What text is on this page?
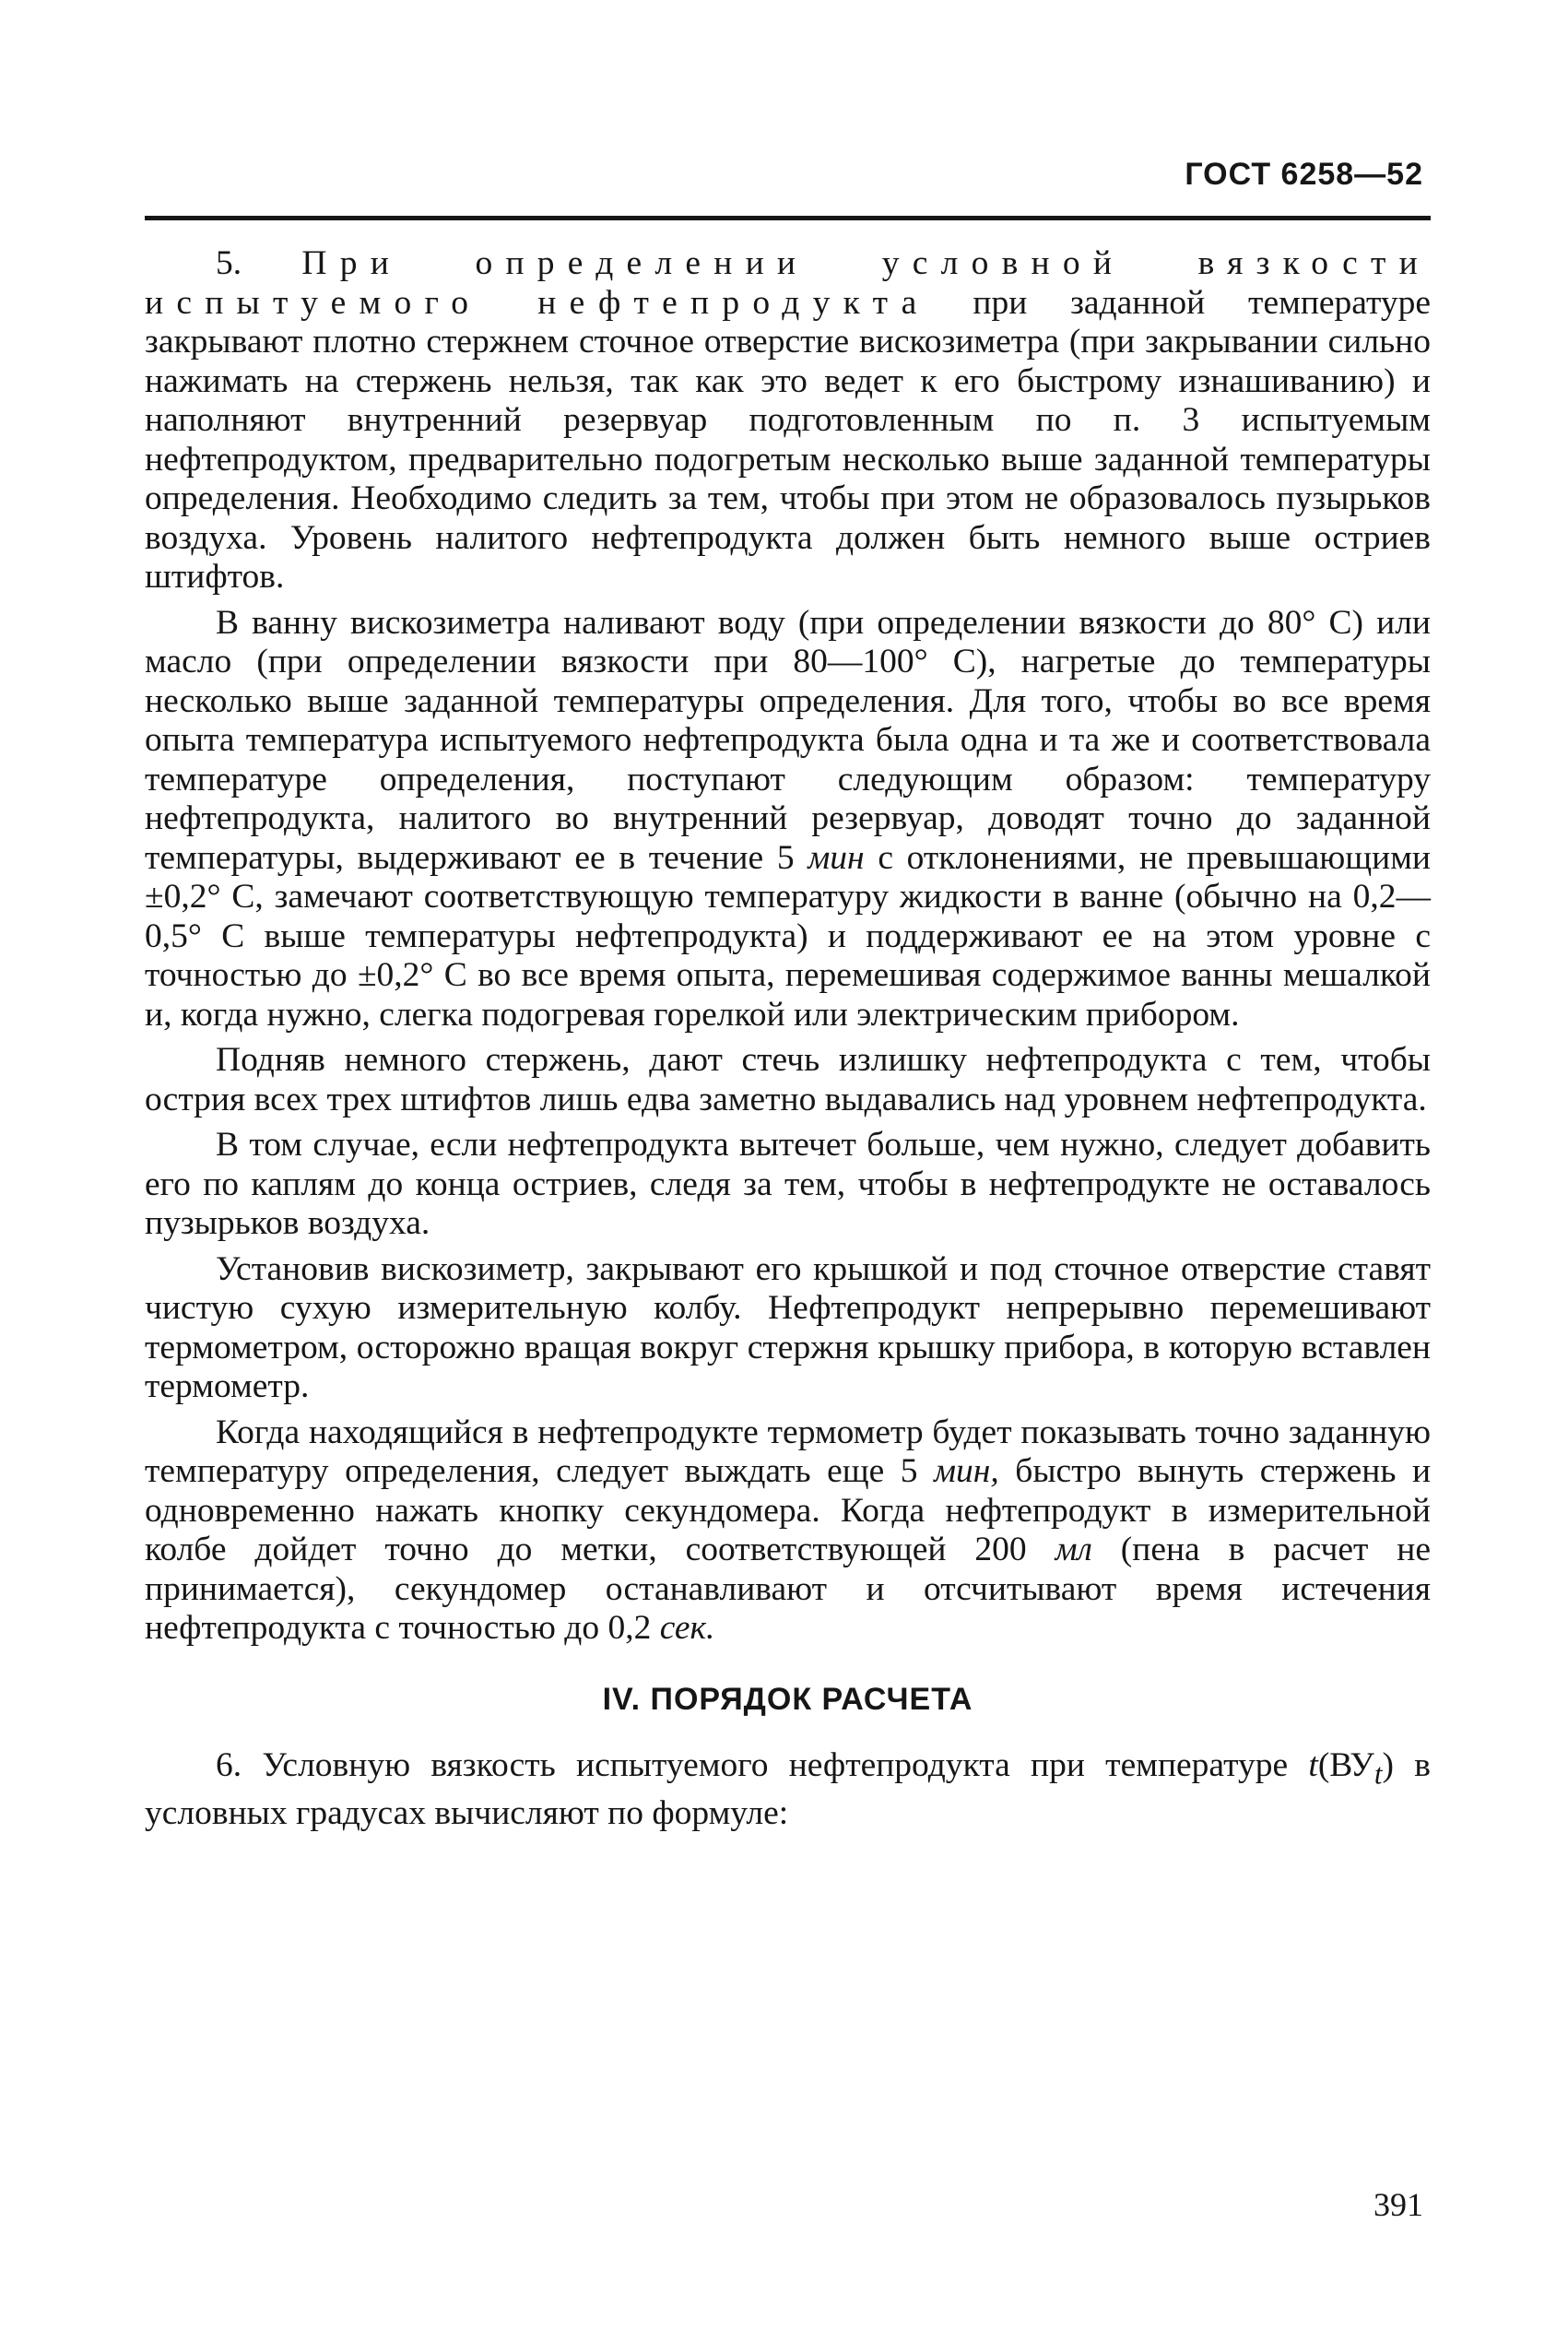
ГОСТ 6258—52

5. При определении условной вязкости испытуемого нефтепродукта при заданной температуре закрывают плотно стержнем сточное отверстие вискозиметра (при закрывании сильно нажимать на стержень нельзя, так как это ведет к его быстрому изнашиванию) и наполняют внутренний резервуар подготовленным по п. 3 испытуемым нефтепродуктом, предварительно подогретым несколько выше заданной температуры определения. Необходимо следить за тем, чтобы при этом не образовалось пузырьков воздуха. Уровень налитого нефтепродукта должен быть немного выше остриев штифтов.

В ванну вискозиметра наливают воду (при определении вязкости до 80° С) или масло (при определении вязкости при 80—100° С), нагретые до температуры несколько выше заданной температуры определения. Для того, чтобы во все время опыта температура испытуемого нефтепродукта была одна и та же и соответствовала температуре определения, поступают следующим образом: температуру нефтепродукта, налитого во внутренний резервуар, доводят точно до заданной температуры, выдерживают ее в течение 5 мин с отклонениями, не превышающими ±0,2° С, замечают соответствующую температуру жидкости в ванне (обычно на 0,2—0,5° С выше температуры нефтепродукта) и поддерживают ее на этом уровне с точностью до ±0,2° С во все время опыта, перемешивая содержимое ванны мешалкой и, когда нужно, слегка подогревая горелкой или электрическим прибором.

Подняв немного стержень, дают стечь излишку нефтепродукта с тем, чтобы острия всех трех штифтов лишь едва заметно выдавались над уровнем нефтепродукта.

В том случае, если нефтепродукта вытечет больше, чем нужно, следует добавить его по каплям до конца остриев, следя за тем, чтобы в нефтепродукте не оставалось пузырьков воздуха.

Установив вискозиметр, закрывают его крышкой и под сточное отверстие ставят чистую сухую измерительную колбу. Нефтепродукт непрерывно перемешивают термометром, осторожно вращая вокруг стержня крышку прибора, в которую вставлен термометр.

Когда находящийся в нефтепродукте термометр будет показывать точно заданную температуру определения, следует выждать еще 5 мин, быстро вынуть стержень и одновременно нажать кнопку секундомера. Когда нефтепродукт в измерительной колбе дойдет точно до метки, соответствующей 200 мл (пена в расчет не принимается), секундомер останавливают и отсчитывают время истечения нефтепродукта с точностью до 0,2 сек.

IV. ПОРЯДОК РАСЧЕТА

6. Условную вязкость испытуемого нефтепродукта при температуре $t(ВУ_t)$ в условных градусах вычисляют по формуле:

391
